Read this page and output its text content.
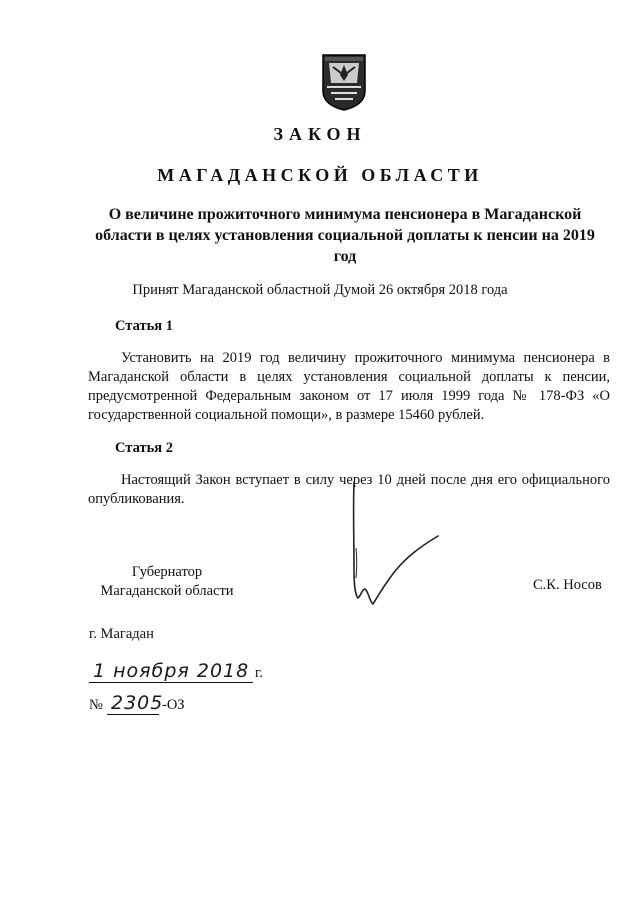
ЗАКОН
МАГАДАНСКОЙ ОБЛАСТИ
О величине прожиточного минимума пенсионера в Магаданской области в целях установления социальной доплаты к пенсии на 2019 год
Принят Магаданской областной Думой 26 октября 2018 года
Статья 1
Установить на 2019 год величину прожиточного минимума пенсионера в Магаданской области в целях установления социальной доплаты к пенсии, предусмотренной Федеральным законом от 17 июля 1999 года № 178-ФЗ «О государственной социальной помощи», в размере 15460 рублей.
Статья 2
Настоящий Закон вступает в силу через 10 дней после дня его официального опубликования.
Губернатор
Магаданской области	С.К. Носов
г. Магадан
1 ноября 2018 г.
№ 2305
-ОЗ
